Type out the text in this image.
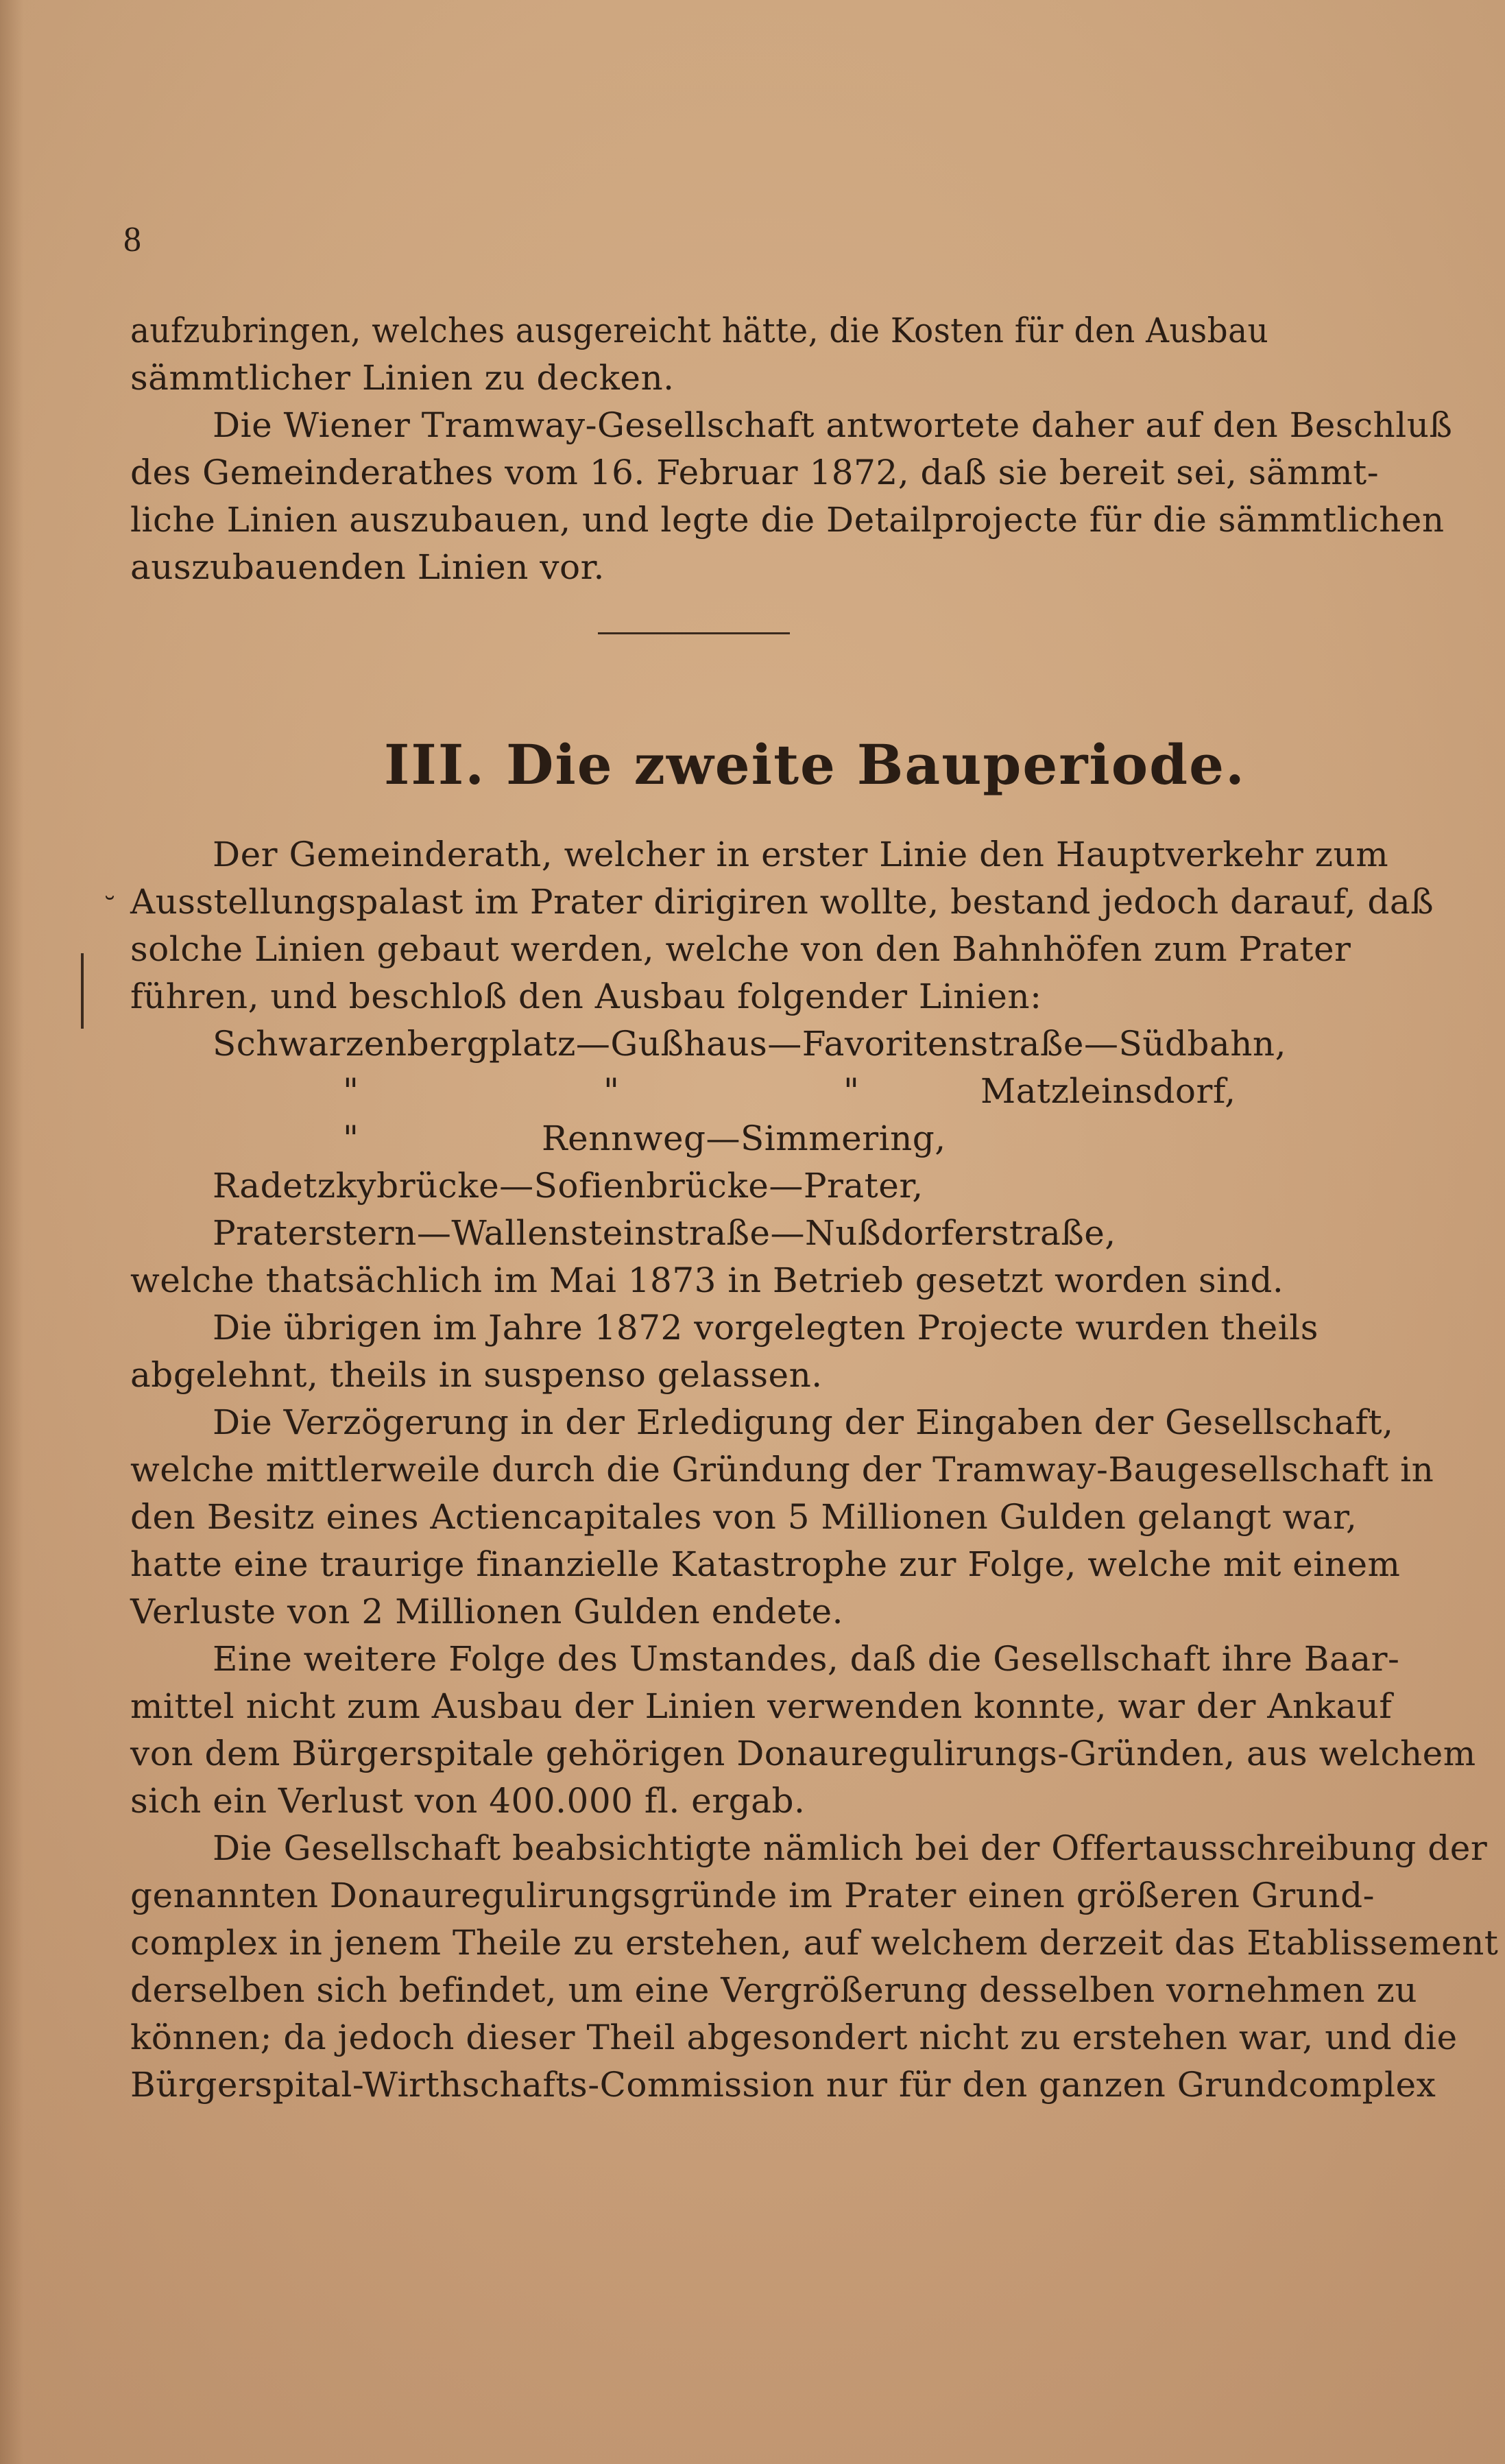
8
aufzubringen, welches ausgereicht hätte, die Kosten für den Ausbau
sämmtlicher Linien zu decken.
Die Wiener Tramway-Gesellschaft antwortete daher auf den Beschluß
des Gemeinderathes vom 16. Februar 1872, daß sie bereit sei, sämmt-
liche Linien auszubauen, und legte die Detailprojecte für die sämmtlichen
auszubauenden Linien vor.
III. Die zweite Bauperiode.
˘
Der Gemeinderath, welcher in erster Linie den Hauptverkehr zum
Ausstellungspalast im Prater dirigiren wollte, bestand jedoch darauf, daß
solche Linien gebaut werden, welche von den Bahnhöfen zum Prater
führen, und beschloß den Ausbau folgender Linien:
Schwarzenbergplatz—Gußhaus—Favoritenstraße—Südbahn,
"	"	"	Matzleinsdorf,
"	Rennweg—Simmering,
Radetzkybrücke—Sofienbrücke—Prater,
Praterstern—Wallensteinstraße—Nußdorferstraße,
welche thatsächlich im Mai 1873 in Betrieb gesetzt worden sind.
Die übrigen im Jahre 1872 vorgelegten Projecte wurden theils
abgelehnt, theils in suspenso gelassen.
Die Verzögerung in der Erledigung der Eingaben der Gesellschaft,
welche mittlerweile durch die Gründung der Tramway-Baugesellschaft in
den Besitz eines Actiencapitales von 5 Millionen Gulden gelangt war,
hatte eine traurige finanzielle Katastrophe zur Folge, welche mit einem
Verluste von 2 Millionen Gulden endete.
Eine weitere Folge des Umstandes, daß die Gesellschaft ihre Baar-
mittel nicht zum Ausbau der Linien verwenden konnte, war der Ankauf
von dem Bürgerspitale gehörigen Donauregulirungs-Gründen, aus welchem
sich ein Verlust von 400.000 fl. ergab.
Die Gesellschaft beabsichtigte nämlich bei der Offertausschreibung der
genannten Donauregulirungsgründe im Prater einen größeren Grund-
complex in jenem Theile zu erstehen, auf welchem derzeit das Etablissement
derselben sich befindet, um eine Vergrößerung desselben vornehmen zu
können; da jedoch dieser Theil abgesondert nicht zu erstehen war, und die
Bürgerspital-Wirthschafts-Commission nur für den ganzen Grundcomplex
